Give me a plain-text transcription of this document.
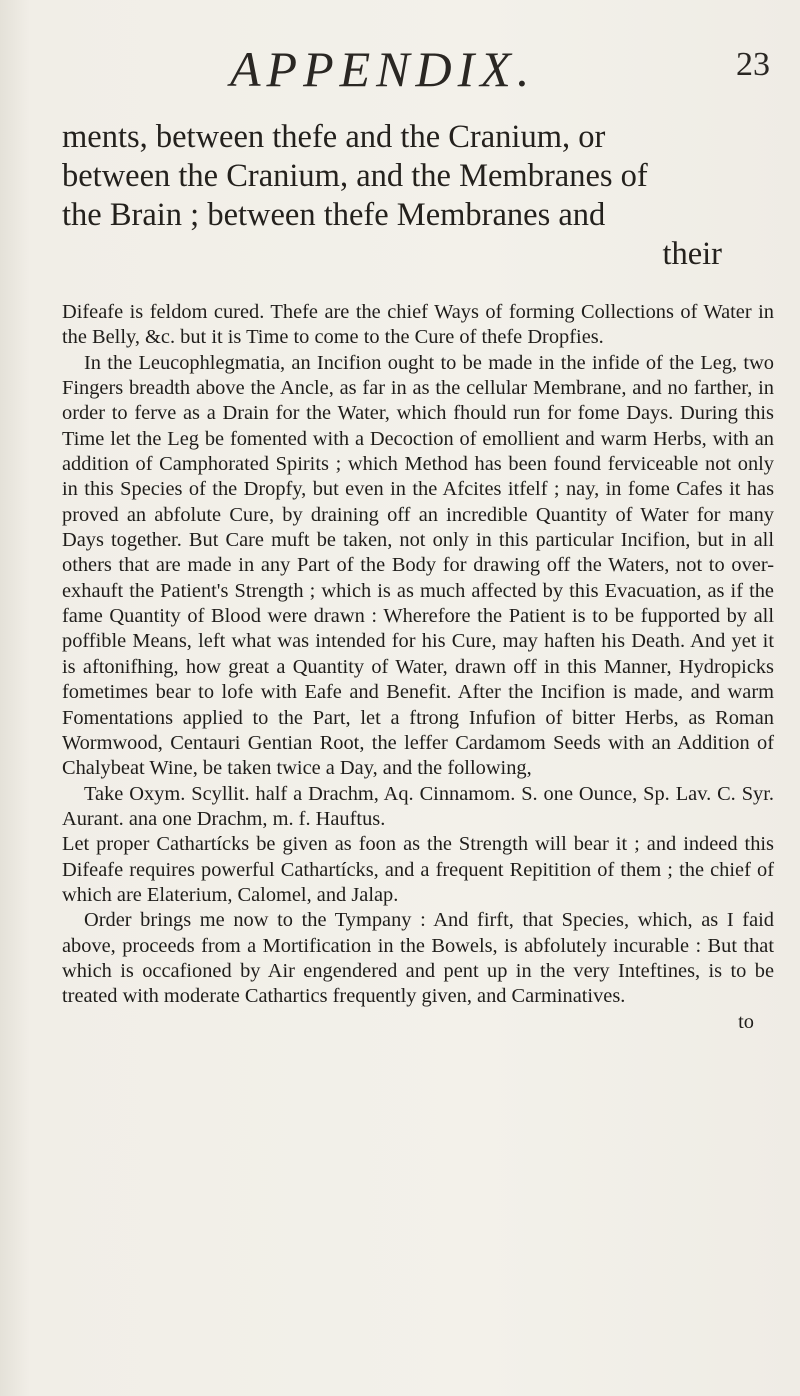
APPENDIX.	23
ments, between thefe and the Cranium, or
between the Cranium, and the Membranes of
the Brain ; between thefe Membranes and
their

Difeafe is feldom cured. Thefe are the chief Ways of forming Collections of Water in the Belly, &c. but it is Time to come to the Cure of thefe Dropfies.

In the Leucophlegmatia, an Incifion ought to be made in the infide of the Leg, two Fingers breadth above the Ancle, as far in as the cellular Membrane, and no farther, in order to ferve as a Drain for the Water, which fhould run for fome Days. During this Time let the Leg be fomented with a Decoction of emollient and warm Herbs, with an addition of Camphorated Spirits ; which Method has been found ferviceable not only in this Species of the Dropfy, but even in the Afcites itfelf ; nay, in fome Cafes it has proved an abfolute Cure, by draining off an incredible Quantity of Water for many Days together. But Care muft be taken, not only in this particular Incifion, but in all others that are made in any Part of the Body for drawing off the Waters, not to over-exhauft the Patient's Strength ; which is as much affected by this Evacuation, as if the fame Quantity of Blood were drawn : Wherefore the Patient is to be fupported by all poffible Means, left what was intended for his Cure, may haften his Death. And yet it is aftonifhing, how great a Quantity of Water, drawn off in this Manner, Hydropicks fometimes bear to lofe with Eafe and Benefit. After the Incifion is made, and warm Fomentations applied to the Part, let a ftrong Infufion of bitter Herbs, as Roman Wormwood, Centauri Gentian Root, the leffer Cardamom Seeds with an Addition of Chalybeat Wine, be taken twice a Day, and the following,

Take Oxym. Scyllit. half a Drachm, Aq. Cinnamom. S. one Ounce, Sp. Lav. C. Syr. Aurant. ana one Drachm, m. f. Hauftus.

Let proper Cathartícks be given as foon as the Strength will bear it ; and indeed this Difeafe requires powerful Cathartícks, and a frequent Repitition of them ; the chief of which are Elaterium, Calomel, and Jalap.

Order brings me now to the Tympany : And firft, that Species, which, as I faid above, proceeds from a Mortification in the Bowels, is abfolutely incurable : But that which is occafioned by Air engendered and pent up in the very Inteftines, is to be treated with moderate Cathartics frequently given, and Carminatives.

to
